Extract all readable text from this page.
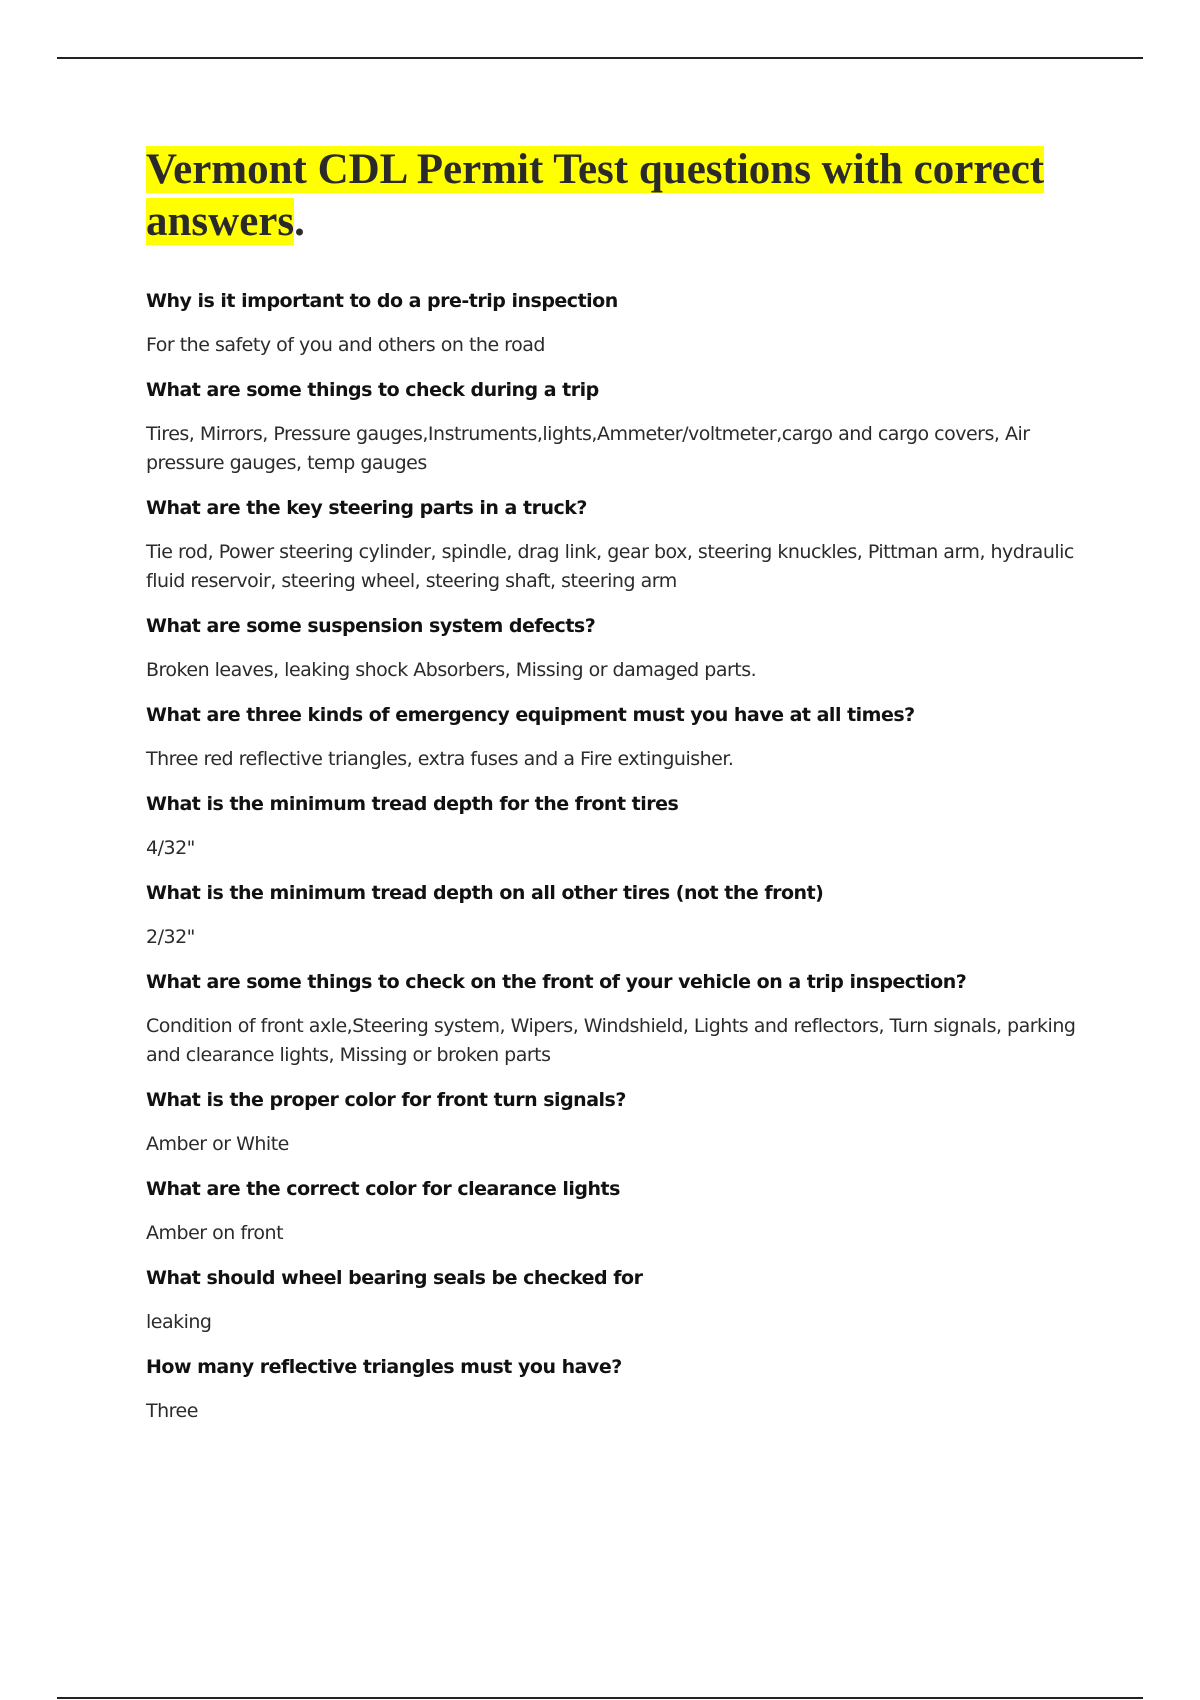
Vermont CDL Permit Test questions with correct answers.

Why is it important to do a pre-trip inspection

For the safety of you and others on the road

What are some things to check during a trip

Tires, Mirrors, Pressure gauges,Instruments,lights,Ammeter/voltmeter,cargo and cargo covers, Air pressure gauges, temp gauges

What are the key steering parts in a truck?

Tie rod, Power steering cylinder, spindle, drag link, gear box, steering knuckles, Pittman arm, hydraulic fluid reservoir, steering wheel, steering shaft, steering arm

What are some suspension system defects?

Broken leaves, leaking shock Absorbers, Missing or damaged parts.

What are three kinds of emergency equipment must you have at all times?

Three red reflective triangles, extra fuses and a Fire extinguisher.

What is the minimum tread depth for the front tires

4/32"

What is the minimum tread depth on all other tires (not the front)

2/32"

What are some things to check on the front of your vehicle on a trip inspection?

Condition of front axle,Steering system, Wipers, Windshield, Lights and reflectors, Turn signals, parking and clearance lights, Missing or broken parts

What is the proper color for front turn signals?

Amber or White

What are the correct color for clearance lights

Amber on front

What should wheel bearing seals be checked for

leaking

How many reflective triangles must you have?

Three
